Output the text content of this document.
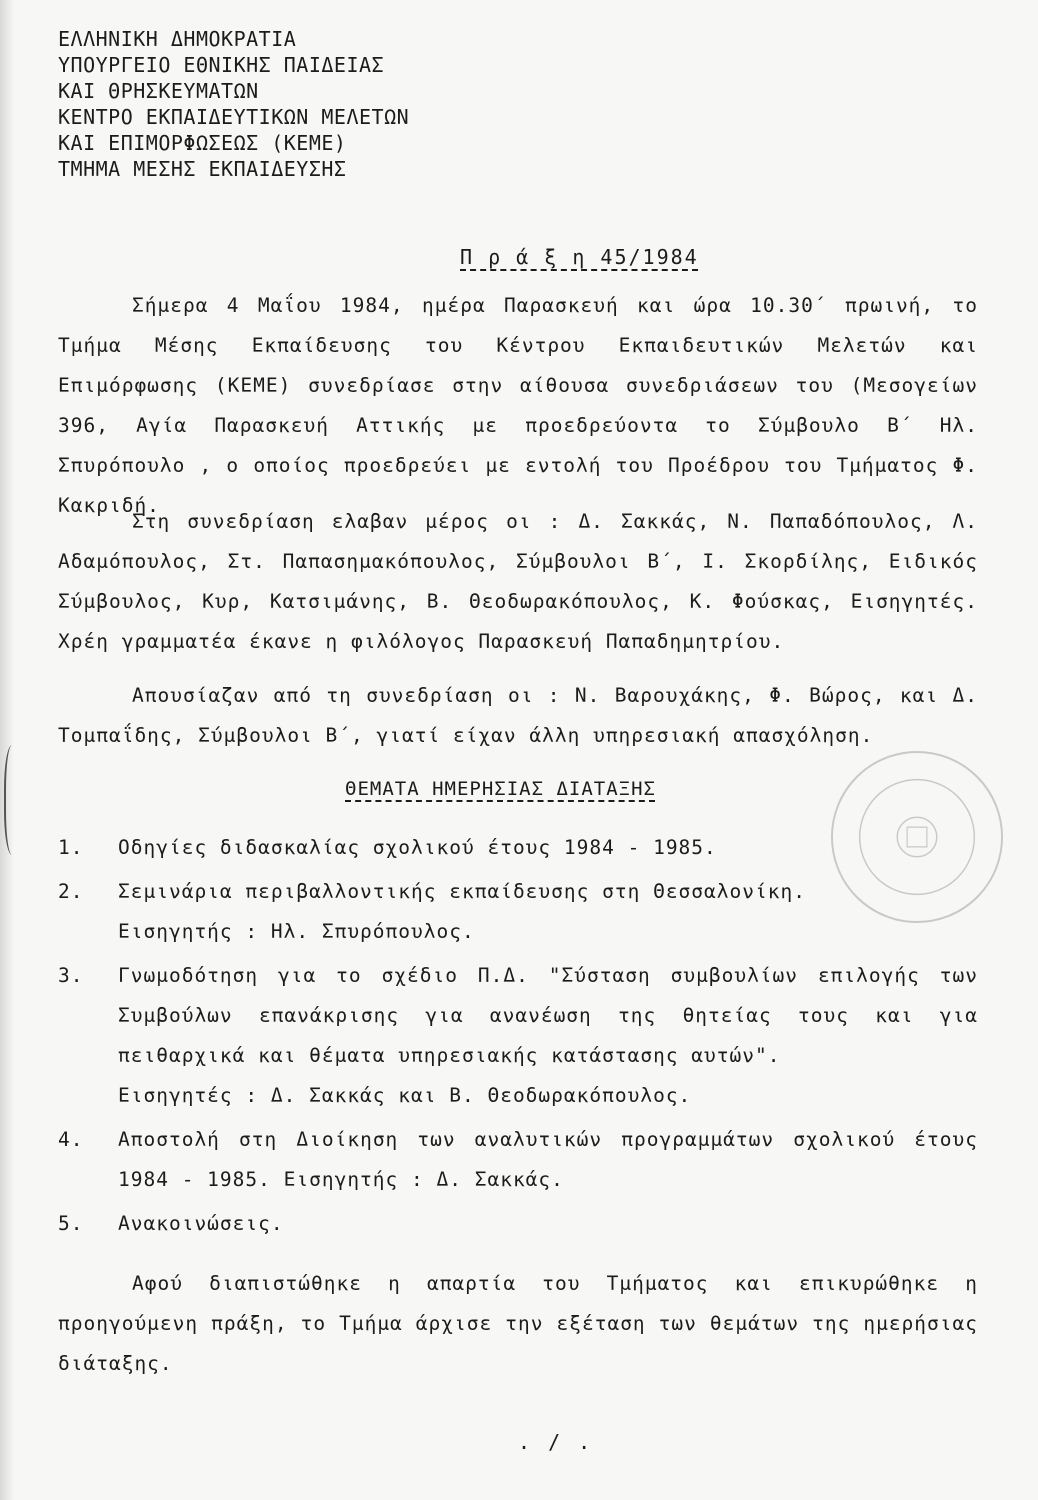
ΕΛΛΗΝΙΚΗ ΔΗΜΟΚΡΑΤΙΑ
ΥΠΟΥΡΓΕΙΟ ΕΘΝΙΚΗΣ ΠΑΙΔΕΙΑΣ
ΚΑΙ ΘΡΗΣΚΕΥΜΑΤΩΝ
ΚΕΝΤΡΟ ΕΚΠΑΙΔΕΥΤΙΚΩΝ ΜΕΛΕΤΩΝ
ΚΑΙ ΕΠΙΜΟΡΦΩΣΕΩΣ (ΚΕΜΕ)
ΤΜΗΜΑ ΜΕΣΗΣ ΕΚΠΑΙΔΕΥΣΗΣ
Π ρ ά ξ η 45/1984

Σήμερα 4 Μαΐου 1984, ημέρα Παρασκευή και ώρα 10.30΄ πρωινή, το Τμήμα Μέσης Εκπαίδευσης του Κέντρου Εκπαιδευτικών Μελετών και Επιμόρφωσης (ΚΕΜΕ) συνεδρίασε στην αίθουσα συνεδριάσεων του (Μεσογείων 396, Αγία Παρασκευή Αττικής με προεδρεύοντα το Σύμβουλο Β΄ Ηλ. Σπυρόπουλο , ο οποίος προεδρεύει με εντολή του Προέδρου του Τμήματος Φ. Κακριδή.

Στη συνεδρίαση ελαβαν μέρος οι : Δ. Σακκάς, Ν. Παπαδόπουλος, Λ. Αδαμόπουλος, Στ. Παπασημακόπουλος, Σύμβουλοι Β΄, Ι. Σκορδίλης, Ειδικός Σύμβουλος, Κυρ, Κατσιμάνης, Β. Θεοδωρακόπουλος, Κ. Φούσκας, Εισηγητές. Χρέη γραμματέα έκανε η φιλόλογος Παρασκευή Παπαδημητρίου.

Απουσίαζαν από τη συνεδρίαση οι : Ν. Βαρουχάκης, Φ. Βώρος, και Δ. Τομπαΐδης, Σύμβουλοι Β΄, γιατί είχαν άλλη υπηρεσιακή απασχόληση.

ΘΕΜΑΤΑ ΗΜΕΡΗΣΙΑΣ ΔΙΑΤΑΞΗΣ
1. Οδηγίες διδασκαλίας σχολικού έτους 1984 - 1985.
2. Σεμινάρια περιβαλλοντικής εκπαίδευσης στη Θεσσαλονίκη.
Εισηγητής : Ηλ. Σπυρόπουλος.
3. Γνωμοδότηση για το σχέδιο Π.Δ. "Σύσταση συμβουλίων επιλογής των Συμβούλων επανάκρισης για ανανέωση της θητείας τους και για πειθαρχικά και θέματα υπηρεσιακής κατάστασης αυτών".
Εισηγητές : Δ. Σακκάς και Β. Θεοδωρακόπουλος.
4. Αποστολή στη Διοίκηση των αναλυτικών προγραμμάτων σχολικού έτους 1984 - 1985. Εισηγητής : Δ. Σακκάς.
5. Ανακοινώσεις.

Αφού διαπιστώθηκε η απαρτία του Τμήματος και επικυρώθηκε η προηγούμενη πράξη, το Τμήμα άρχισε την εξέταση των θεμάτων της ημερήσιας διάταξης.

. / .
